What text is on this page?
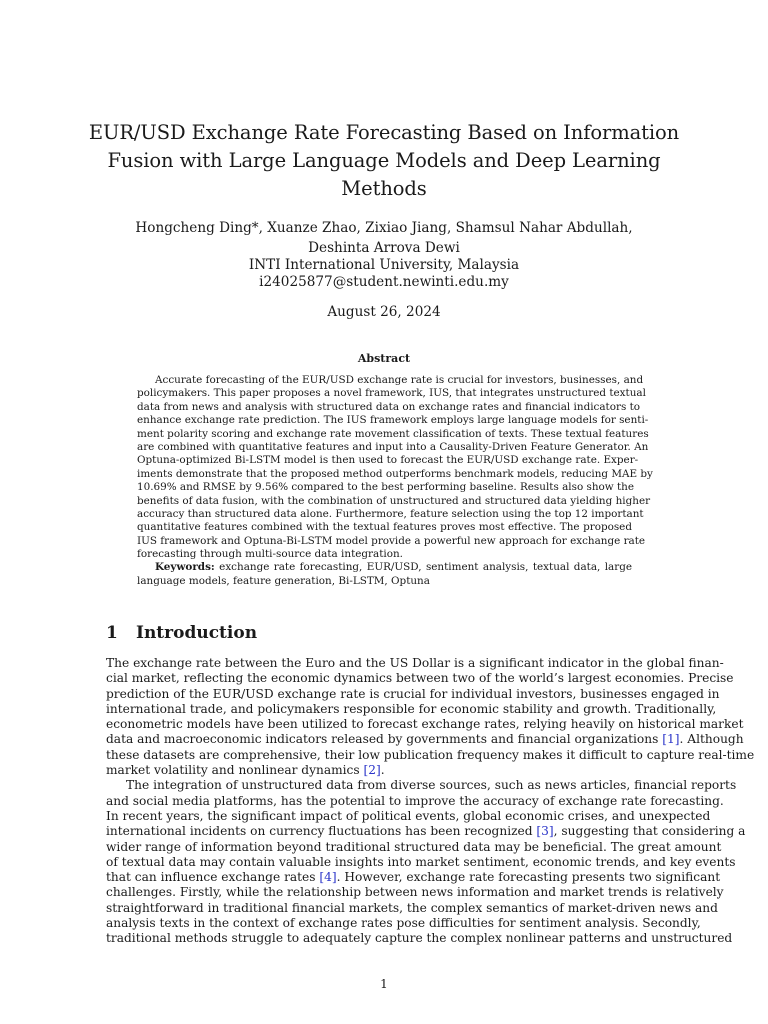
EUR/USD Exchange Rate Forecasting Based on Information
Fusion with Large Language Models and Deep Learning
Methods
Hongcheng Ding*, Xuanze Zhao, Zixiao Jiang, Shamsul Nahar Abdullah,
Deshinta Arrova Dewi
INTI International University, Malaysia
i24025877@student.newinti.edu.my
August 26, 2024
Abstract
Accurate forecasting of the EUR/USD exchange rate is crucial for investors, businesses, and
policymakers. This paper proposes a novel framework, IUS, that integrates unstructured textual
data from news and analysis with structured data on exchange rates and financial indicators to
enhance exchange rate prediction. The IUS framework employs large language models for senti-
ment polarity scoring and exchange rate movement classification of texts. These textual features
are combined with quantitative features and input into a Causality-Driven Feature Generator. An
Optuna-optimized Bi-LSTM model is then used to forecast the EUR/USD exchange rate. Exper-
iments demonstrate that the proposed method outperforms benchmark models, reducing MAE by
10.69% and RMSE by 9.56% compared to the best performing baseline. Results also show the
benefits of data fusion, with the combination of unstructured and structured data yielding higher
accuracy than structured data alone. Furthermore, feature selection using the top 12 important
quantitative features combined with the textual features proves most effective. The proposed
IUS framework and Optuna-Bi-LSTM model provide a powerful new approach for exchange rate
forecasting through multi-source data integration.
Keywords: exchange rate forecasting, EUR/USD, sentiment analysis, textual data, large
language models, feature generation, Bi-LSTM, Optuna
1 Introduction
The exchange rate between the Euro and the US Dollar is a significant indicator in the global finan-
cial market, reflecting the economic dynamics between two of the world’s largest economies. Precise
prediction of the EUR/USD exchange rate is crucial for individual investors, businesses engaged in
international trade, and policymakers responsible for economic stability and growth. Traditionally,
econometric models have been utilized to forecast exchange rates, relying heavily on historical market
data and macroeconomic indicators released by governments and financial organizations [1]. Although
these datasets are comprehensive, their low publication frequency makes it difficult to capture real-time
market volatility and nonlinear dynamics [2].
The integration of unstructured data from diverse sources, such as news articles, financial reports
and social media platforms, has the potential to improve the accuracy of exchange rate forecasting.
In recent years, the significant impact of political events, global economic crises, and unexpected
international incidents on currency fluctuations has been recognized [3], suggesting that considering a
wider range of information beyond traditional structured data may be beneficial. The great amount
of textual data may contain valuable insights into market sentiment, economic trends, and key events
that can influence exchange rates [4]. However, exchange rate forecasting presents two significant
challenges. Firstly, while the relationship between news information and market trends is relatively
straightforward in traditional financial markets, the complex semantics of market-driven news and
analysis texts in the context of exchange rates pose difficulties for sentiment analysis. Secondly,
traditional methods struggle to adequately capture the complex nonlinear patterns and unstructured
1
